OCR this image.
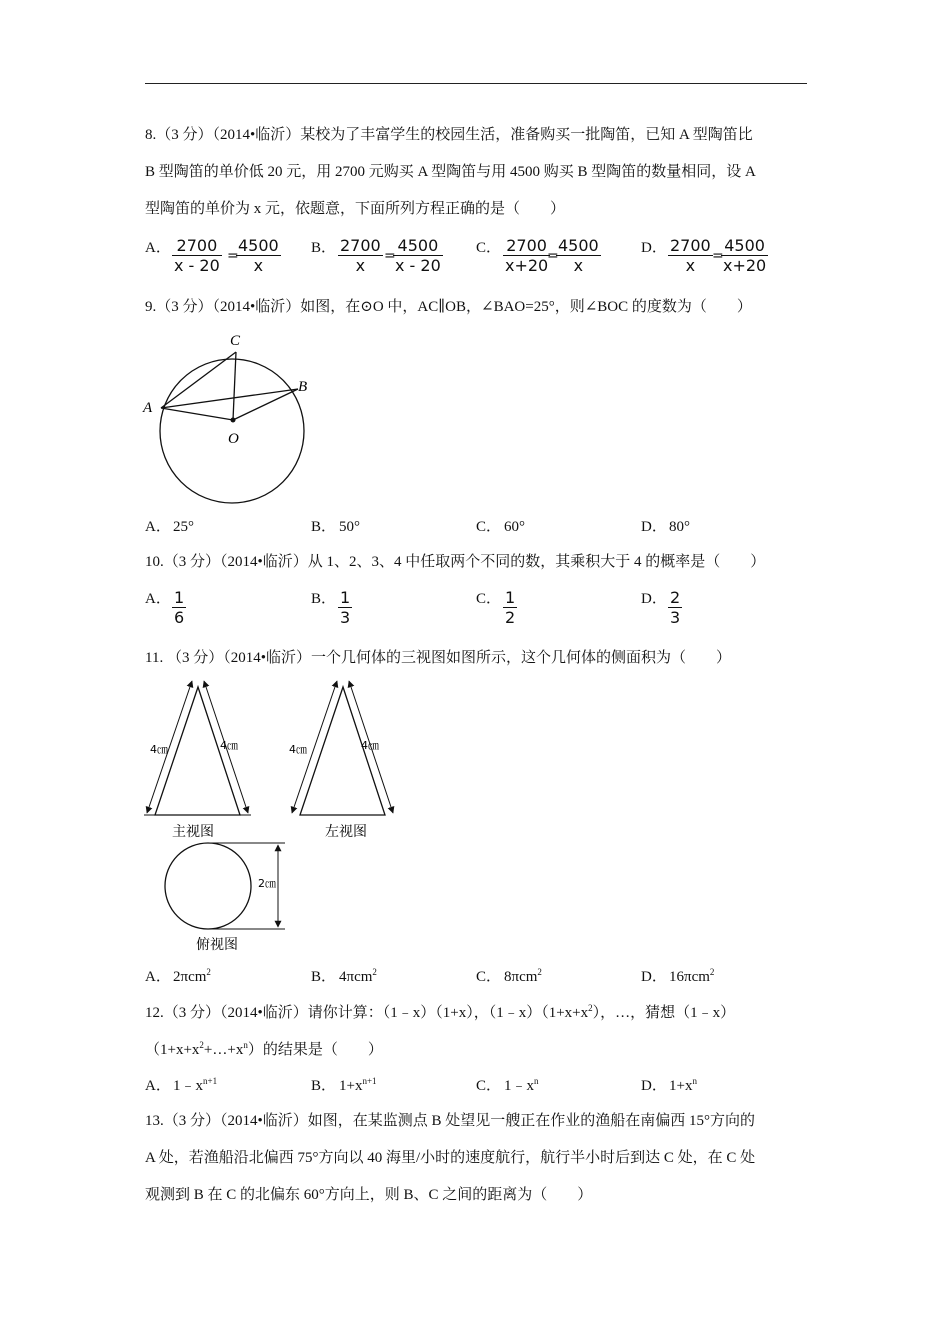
8.（3 分）（2014•临沂）某校为了丰富学生的校园生活，准备购买一批陶笛，已知 A 型陶笛比
B 型陶笛的单价低 20 元，用 2700 元购买 A 型陶笛与用 4500 购买 B 型陶笛的数量相同，设 A
型陶笛的单价为 x 元，依题意，下面所列方程正确的是（　　）
A． $\frac{2700}{x - 20}$ =
$\frac{4500}{x}$ B． $\frac{2700}{x}$ =
$\frac{4500}{x - 20}$ C． $\frac{2700}{x+20}$
=
$\frac{4500}{x}$	D． $\frac{2700}{x}$ =
$\frac{4500}{x+20}$
9.（3 分）（2014•临沂）如图，在⊙O 中，AC∥OB，∠BAO=25°，则∠BOC 的度数为（　　）
C
B
A
O
A． 25°	B． 50°	C． 60°	D． 80°
10.（3 分）（2014•临沂）从 1、2、3、4 中任取两个不同的数，其乘积大于 4 的概率是（　　）
A． $\frac{1}{6}$	B． $\frac{1}{3}$	C． $\frac{1}{2}$	D． $\frac{2}{3}$
11. （3 分）（2014•临沂）一个几何体的三视图如图所示，这个几何体的侧面积为（　　）
4㎝	4㎝
主视图
4㎝	4㎝
左视图
2㎝
俯视图
A． 2πcm$^2$	B． 4πcm$^2$	C． 8πcm$^2$	D． 16πcm$^2$
12.（3 分）（2014•临沂）请你计算：（1﹣x）（1+x），$(1﹣x)(1+x+x^2)$，…，猜想（1﹣x）
$(1+x+x^2+\dots+x^n)$的结果是（　　）
A． $1﹣x^{n+1}$	B． $1+x^{n+1}$	C． $1﹣x^n$	D． $1+x^n$
13.（3 分）（2014•临沂）如图，在某监测点 B 处望见一艘正在作业的渔船在南偏西 15°方向的
A 处，若渔船沿北偏西 75°方向以 40 海里/小时的速度航行，航行半小时后到达 C 处，在 C 处
观测到 B 在 C 的北偏东 60°方向上，则 B、C 之间的距离为（　　）
